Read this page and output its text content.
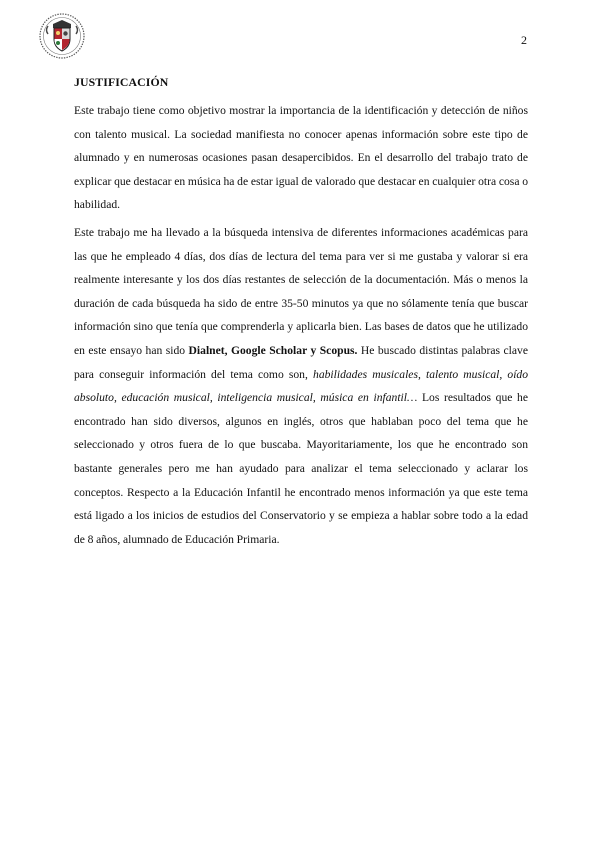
2
JUSTIFICACIÓN

Este trabajo tiene como objetivo mostrar la importancia de la identificación y detección de niños con talento musical. La sociedad manifiesta no conocer apenas información sobre este tipo de alumnado y en numerosas ocasiones pasan desapercibidos. En el desarrollo del trabajo trato de explicar que destacar en música ha de estar igual de valorado que destacar en cualquier otra cosa o habilidad.

Este trabajo me ha llevado a la búsqueda intensiva de diferentes informaciones académicas para las que he empleado 4 días, dos días de lectura del tema para ver si me gustaba y valorar si era realmente interesante y los dos días restantes de selección de la documentación. Más o menos la duración de cada búsqueda ha sido de entre 35-50 minutos ya que no sólamente tenía que buscar información sino que tenía que comprenderla y aplicarla bien. Las bases de datos que he utilizado en este ensayo han sido Dialnet, Google Scholar y Scopus. He buscado distintas palabras clave para conseguir información del tema como son, habilidades musicales, talento musical, oído absoluto, educación musical, inteligencia musical, música en infantil… Los resultados que he encontrado han sido diversos, algunos en inglés, otros que hablaban poco del tema que he seleccionado y otros fuera de lo que buscaba. Mayoritariamente, los que he encontrado son bastante generales pero me han ayudado para analizar el tema seleccionado y aclarar los conceptos. Respecto a la Educación Infantil he encontrado menos información ya que este tema está ligado a los inicios de estudios del Conservatorio y se empieza a hablar sobre todo a la edad de 8 años, alumnado de Educación Primaria.
